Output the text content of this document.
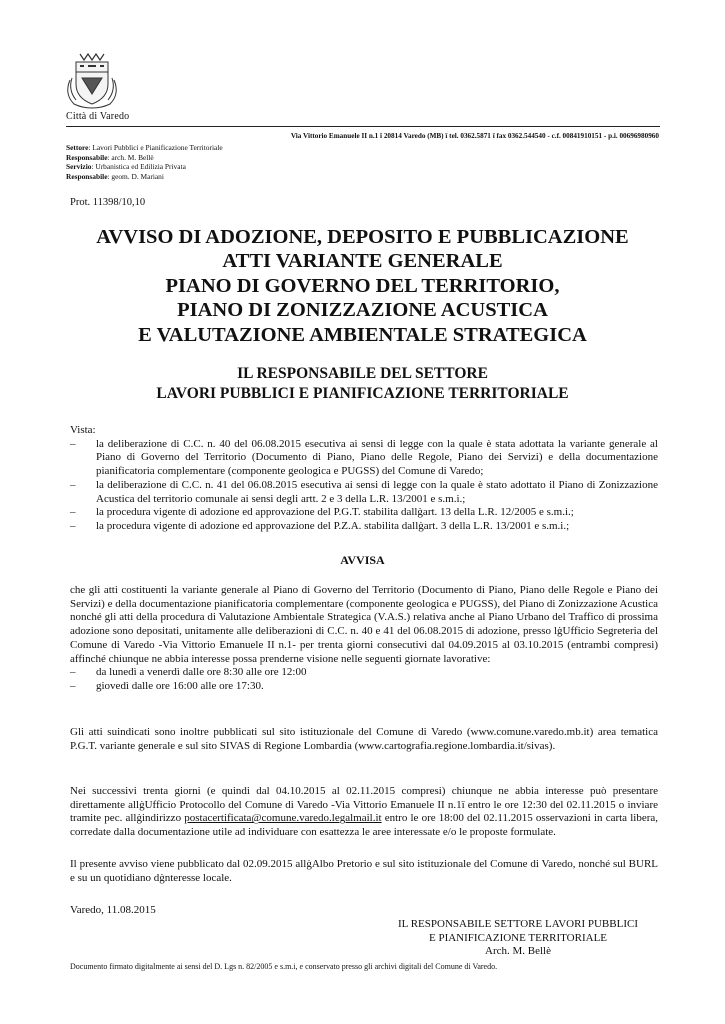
Città di Varedo
Via Vittorio Emanuele II n.1 ï 20814 Varedo (MB) ï tel. 0362.5871 ï fax 0362.544540 - c.f. 00841910151 - p.i. 00696980960
Settore: Lavori Pubblici e Pianificazione Territoriale
Responsabile: arch. M. Bellè
Servizio: Urbanistica ed Edilizia Privata
Responsabile: geom. D. Mariani
Prot. 11398/10,10
AVVISO DI ADOZIONE, DEPOSITO E PUBBLICAZIONE
ATTI VARIANTE GENERALE
PIANO DI GOVERNO DEL TERRITORIO,
PIANO DI ZONIZZAZIONE ACUSTICA
E VALUTAZIONE AMBIENTALE STRATEGICA
IL RESPONSABILE DEL SETTORE
LAVORI PUBBLICI E PIANIFICAZIONE TERRITORIALE
Vista:
– la deliberazione di C.C. n. 40 del 06.08.2015 esecutiva ai sensi di legge con la quale è stata adottata la variante generale al Piano di Governo del Territorio (Documento di Piano, Piano delle Regole, Piano dei Servizi) e della documentazione pianificatoria complementare (componente geologica e PUGSS) del Comune di Varedo;
– la deliberazione di C.C. n. 41 del 06.08.2015 esecutiva ai sensi di legge con la quale è stato adottato il Piano di Zonizzazione Acustica del territorio comunale ai sensi degli artt. 2 e 3 della L.R. 13/2001 e s.m.i.;
– la procedura vigente di adozione ed approvazione del P.G.T. stabilita dallġart. 13 della L.R. 12/2005 e s.m.i.;
– la procedura vigente di adozione ed approvazione del P.Z.A. stabilita dallġart. 3 della L.R. 13/2001 e s.m.i.;
AVVISA

che gli atti costituenti la variante generale al Piano di Governo del Territorio (Documento di Piano, Piano delle Regole e Piano dei Servizi) e della documentazione pianificatoria complementare (componente geologica e PUGSS), del Piano di Zonizzazione Acustica nonché gli atti della procedura di Valutazione Ambientale Strategica (V.A.S.) relativa anche al Piano Urbano del Traffico di prossima adozione sono depositati, unitamente alle deliberazioni di C.C. n. 40 e 41 del 06.08.2015 di adozione, presso lġUfficio Segreteria del Comune di Varedo -Via Vittorio Emanuele II n.1- per trenta giorni consecutivi dal 04.09.2015 al 03.10.2015 (entrambi compresi) affinché chiunque ne abbia interesse possa prenderne visione nelle seguenti giornate lavorative:

– da lunedì a venerdì dalle ore 8:30 alle ore 12:00
– giovedì dalle ore 16:00 alle ore 17:30.

Gli atti suindicati sono inoltre pubblicati sul sito istituzionale del Comune di Varedo (www.comune.varedo.mb.it) area tematica P.G.T. variante generale e sul sito SIVAS di Regione Lombardia (www.cartografia.regione.lombardia.it/sivas).

Nei successivi trenta giorni (e quindi dal 04.10.2015 al 02.11.2015 compresi) chiunque ne abbia interesse può presentare direttamente allġUfficio Protocollo del Comune di Varedo -Via Vittorio Emanuele II n.1ï entro le ore 12:30 del 02.11.2015 o inviare tramite pec. allġindirizzo postacertificata@comune.varedo.legalmail.it entro le ore 18:00 del 02.11.2015 osservazioni in carta libera, corredate dalla documentazione utile ad individuare con esattezza le aree interessate e/o le proposte formulate.

Il presente avviso viene pubblicato dal 02.09.2015 allġAlbo Pretorio e sul sito istituzionale del Comune di Varedo, nonché sul BURL e su un quotidiano dġnteresse locale.

Varedo, 11.08.2015
IL RESPONSABILE SETTORE LAVORI PUBBLICI
E PIANIFICAZIONE TERRITORIALE
Arch. M. Bellè
Documento firmato digitalmente ai sensi del D. Lgs n. 82/2005 e s.m.i, e conservato presso gli archivi digitali del Comune di Varedo.
